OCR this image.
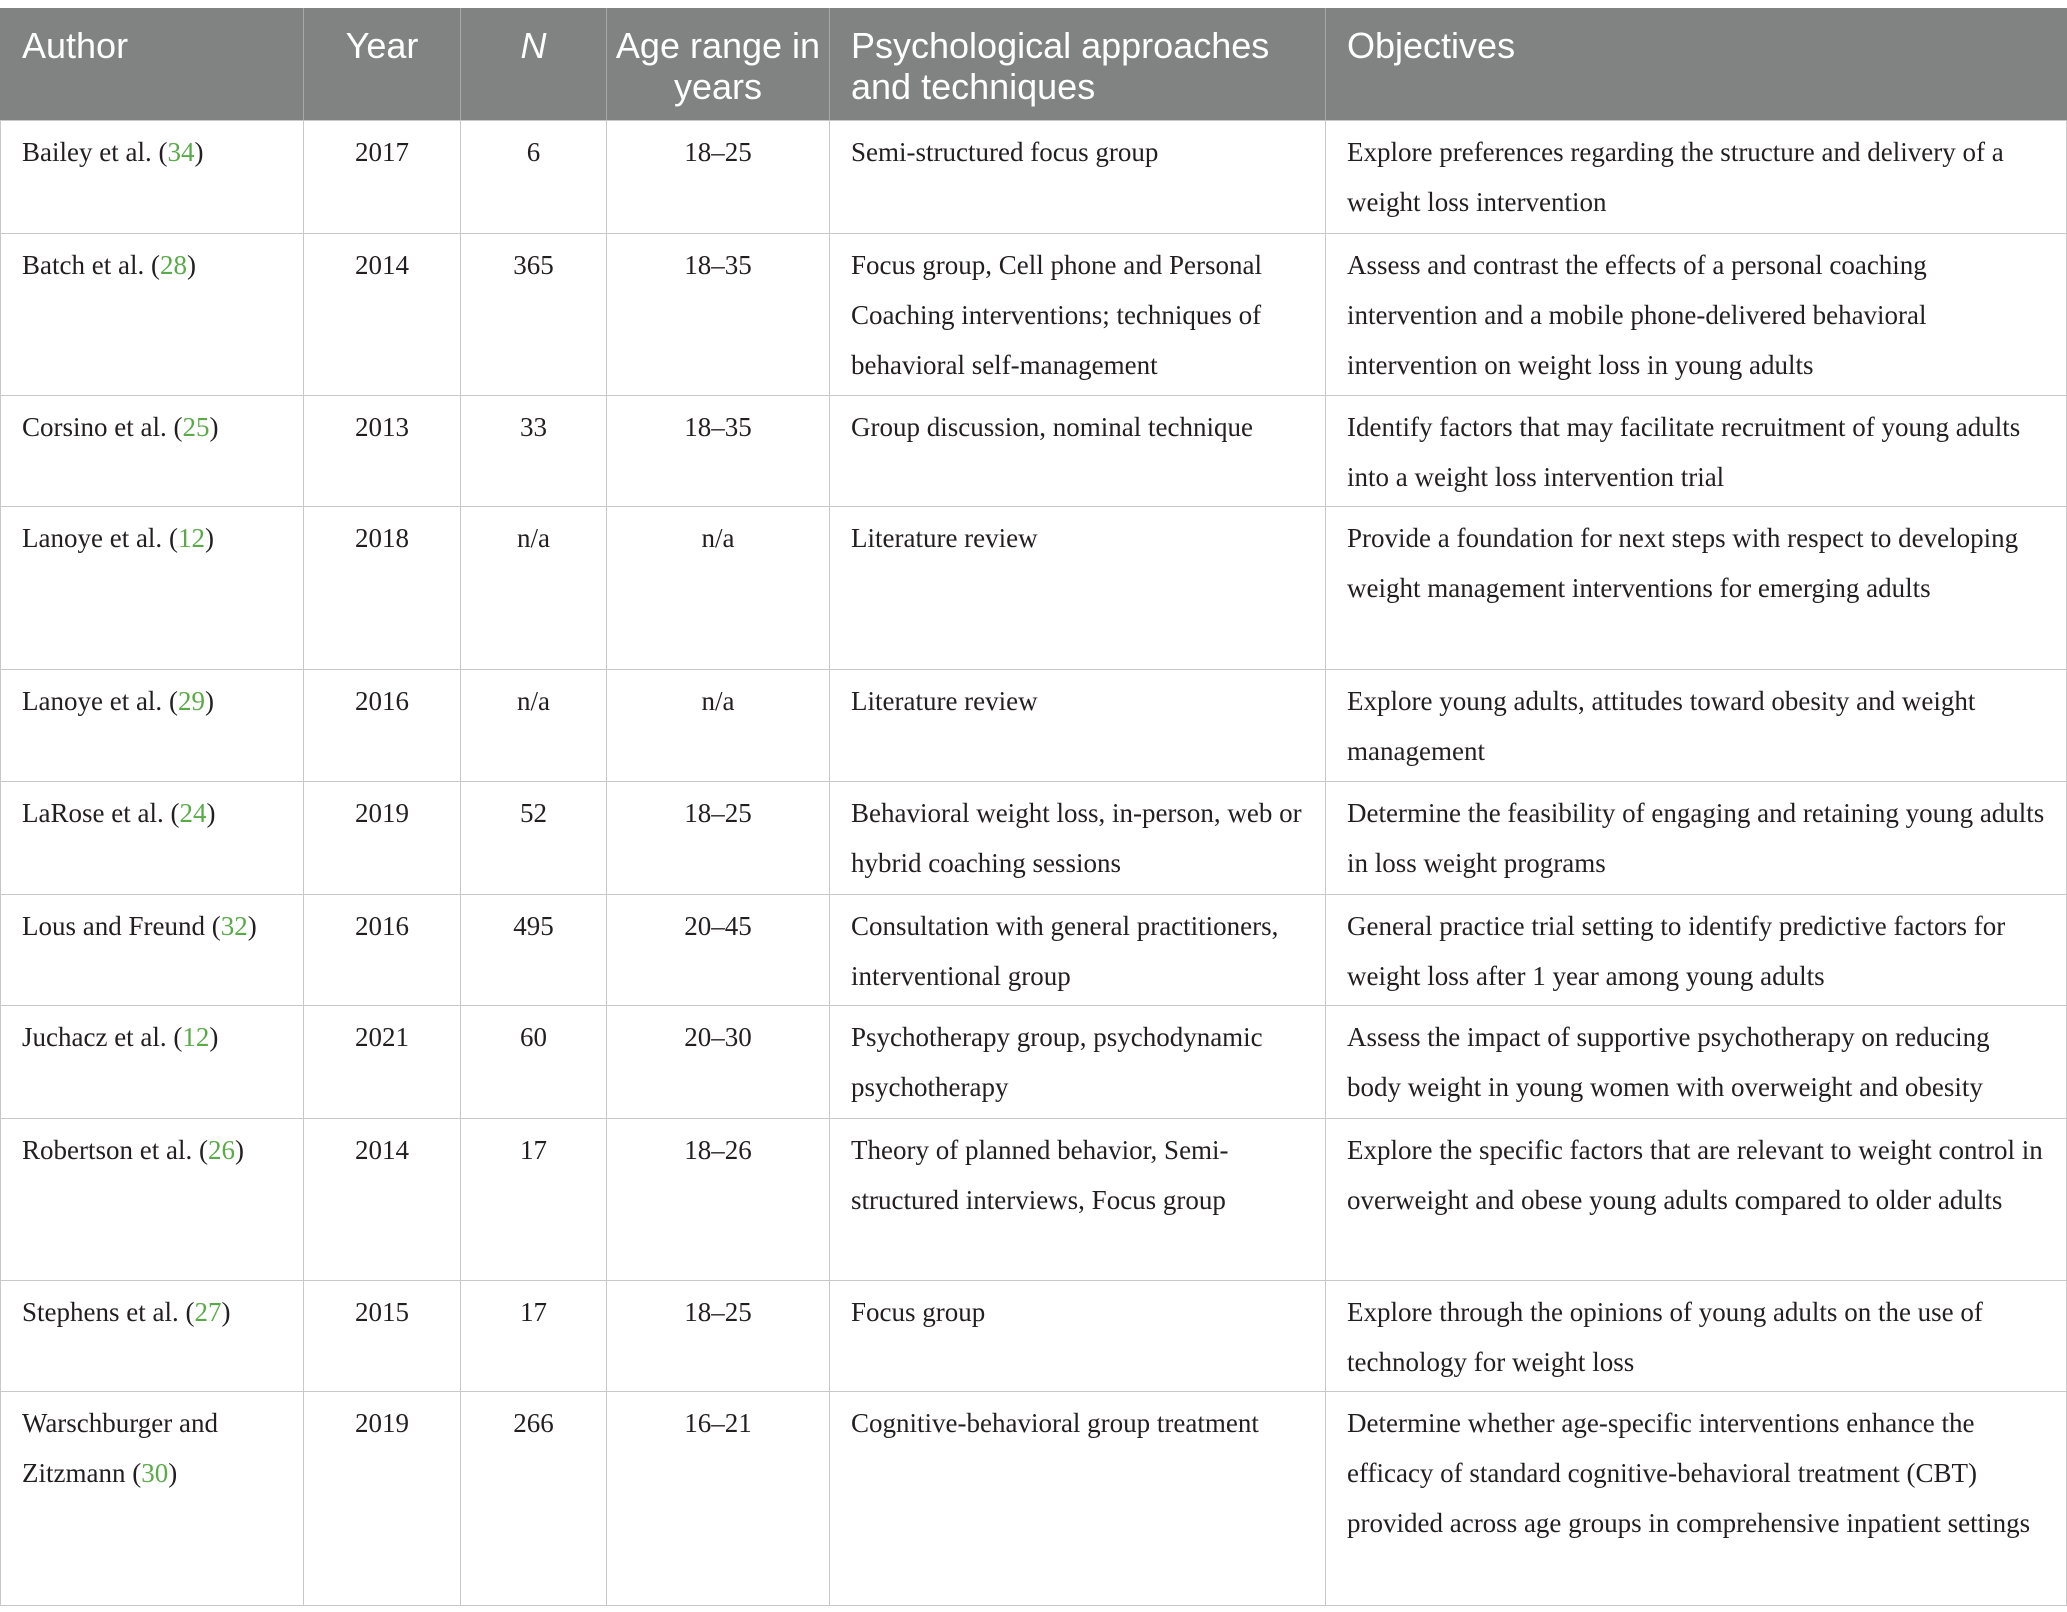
Author	Year	N	Age range in years	Psychological approaches and techniques	Objectives
Bailey et al. (34)	2017	6	18–25	Semi-structured focus group	Explore preferences regarding the structure and delivery of a weight loss intervention
Batch et al. (28)	2014	365	18–35	Focus group, Cell phone and Personal Coaching interventions; techniques of behavioral self-management	Assess and contrast the effects of a personal coaching intervention and a mobile phone-delivered behavioral intervention on weight loss in young adults
Corsino et al. (25)	2013	33	18–35	Group discussion, nominal technique	Identify factors that may facilitate recruitment of young adults into a weight loss intervention trial
Lanoye et al. (12)	2018	n/a	n/a	Literature review	Provide a foundation for next steps with respect to developing weight management interventions for emerging adults
Lanoye et al. (29)	2016	n/a	n/a	Literature review	Explore young adults, attitudes toward obesity and weight management
LaRose et al. (24)	2019	52	18–25	Behavioral weight loss, in-person, web or hybrid coaching sessions	Determine the feasibility of engaging and retaining young adults in loss weight programs
Lous and Freund (32)	2016	495	20–45	Consultation with general practitioners, interventional group	General practice trial setting to identify predictive factors for weight loss after 1 year among young adults
Juchacz et al. (12)	2021	60	20–30	Psychotherapy group, psychodynamic psychotherapy	Assess the impact of supportive psychotherapy on reducing body weight in young women with overweight and obesity
Robertson et al. (26)	2014	17	18–26	Theory of planned behavior, Semi-structured interviews, Focus group	Explore the specific factors that are relevant to weight control in overweight and obese young adults compared to older adults
Stephens et al. (27)	2015	17	18–25	Focus group	Explore through the opinions of young adults on the use of technology for weight loss
Warschburger and Zitzmann (30)	2019	266	16–21	Cognitive-behavioral group treatment	Determine whether age-specific interventions enhance the efficacy of standard cognitive-behavioral treatment (CBT) provided across age groups in comprehensive inpatient settings
